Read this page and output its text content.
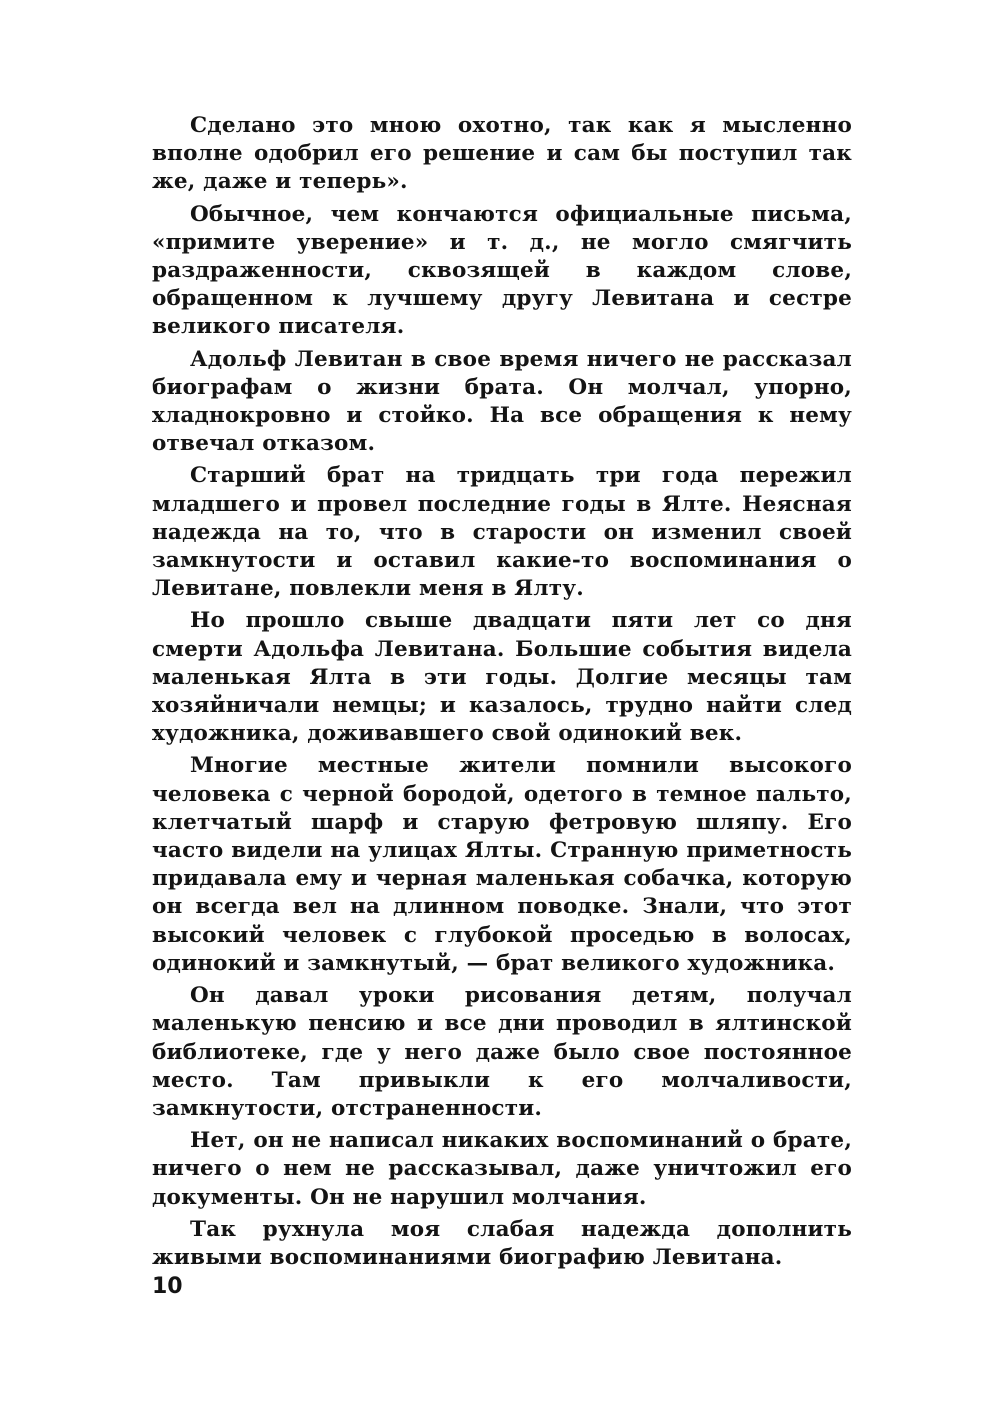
Сделано это мною охотно, так как я мысленно вполне одобрил его решение и сам бы поступил так же, даже и теперь».

Обычное, чем кончаются официальные письма, «примите уверение» и т. д., не могло смягчить раздраженности, сквозящей в каждом слове, обращенном к лучшему другу Левитана и сестре великого писателя.

Адольф Левитан в свое время ничего не рассказал биографам о жизни брата. Он молчал, упорно, хладнокровно и стойко. На все обращения к нему отвечал отказом.

Старший брат на тридцать три года пережил младшего и провел последние годы в Ялте. Неясная надежда на то, что в старости он изменил своей замкнутости и оставил какие-то воспоминания о Левитане, повлекли меня в Ялту.

Но прошло свыше двадцати пяти лет со дня смерти Адольфа Левитана. Большие события видела маленькая Ялта в эти годы. Долгие месяцы там хозяйничали немцы; и казалось, трудно найти след художника, доживавшего свой одинокий век.

Многие местные жители помнили высокого человека с черной бородой, одетого в темное пальто, клетчатый шарф и старую фетровую шляпу. Его часто видели на улицах Ялты. Странную приметность придавала ему и черная маленькая собачка, которую он всегда вел на длинном поводке. Знали, что этот высокий человек с глубокой проседью в волосах, одинокий и замкнутый, — брат великого художника.

Он давал уроки рисования детям, получал маленькую пенсию и все дни проводил в ялтинской библиотеке, где у него даже было свое постоянное место. Там привыкли к его молчаливости, замкнутости, отстраненности.

Нет, он не написал никаких воспоминаний о брате, ничего о нем не рассказывал, даже уничтожил его документы. Он не нарушил молчания.

Так рухнула моя слабая надежда дополнить живыми воспоминаниями биографию Левитана.

10
